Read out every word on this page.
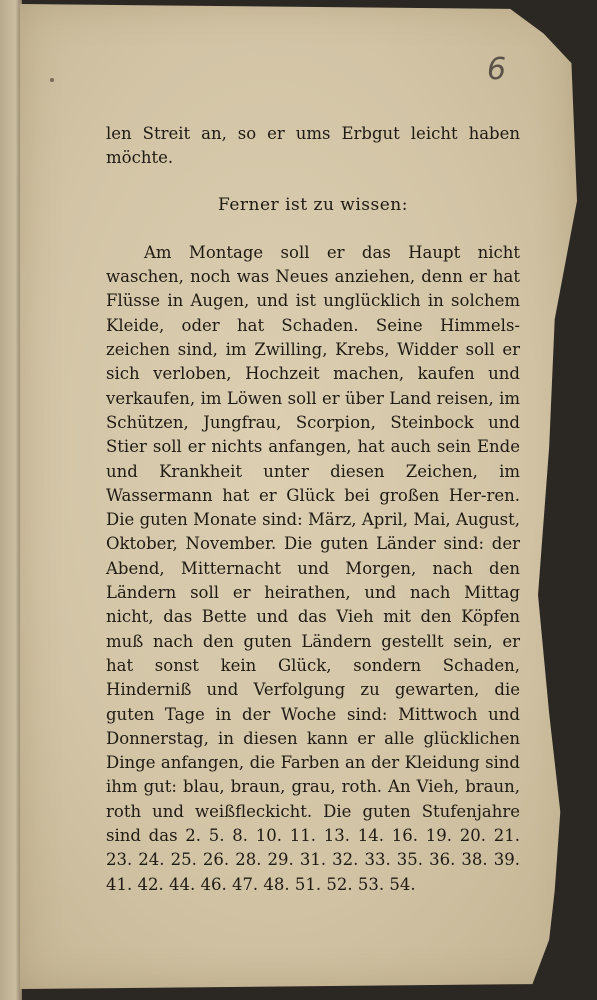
6

len Streit an, so er ums Erbgut leicht haben möchte.

Ferner ist zu wissen:

Am Montage soll er das Haupt nicht waschen, noch was Neues anziehen, denn er hat Flüsse in Augen, und ist unglücklich in solchem Kleide, oder hat Schaden. Seine Himmels-zeichen sind, im Zwilling, Krebs, Widder soll er sich verloben, Hochzeit machen, kaufen und verkaufen, im Löwen soll er über Land reisen, im Schützen, Jungfrau, Scorpion, Steinbock und Stier soll er nichts anfangen, hat auch sein Ende und Krankheit unter diesen Zeichen, im Wassermann hat er Glück bei großen Her-ren. Die guten Monate sind: März, April, Mai, August, Oktober, November. Die guten Länder sind: der Abend, Mitternacht und Morgen, nach den Ländern soll er heirathen, und nach Mittag nicht, das Bette und das Vieh mit den Köpfen muß nach den guten Ländern gestellt sein, er hat sonst kein Glück, sondern Schaden, Hinderniß und Verfolgung zu gewarten, die guten Tage in der Woche sind: Mittwoch und Donnerstag, in diesen kann er alle glücklichen Dinge anfangen, die Farben an der Kleidung sind ihm gut: blau, braun, grau, roth. An Vieh, braun, roth und weißfleckicht. Die guten Stufenjahre sind das 2. 5. 8. 10. 11. 13. 14. 16. 19. 20. 21. 23. 24. 25. 26. 28. 29. 31. 32. 33. 35. 36. 38. 39. 41. 42. 44. 46. 47. 48. 51. 52. 53. 54.
